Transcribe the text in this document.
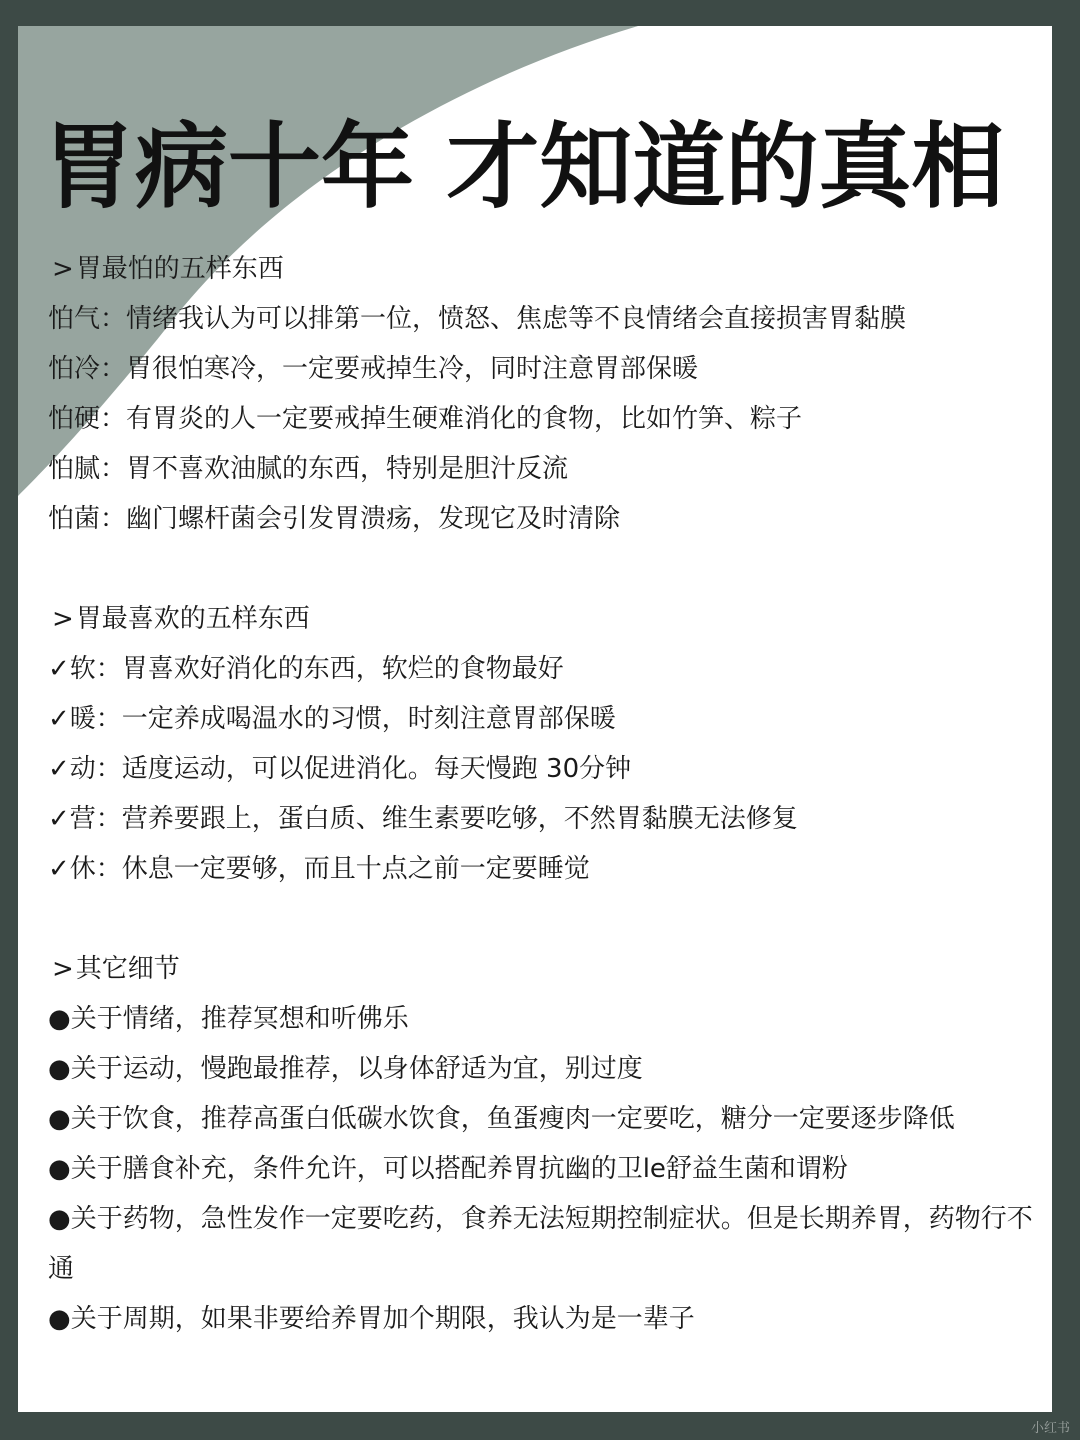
胃病十年 才知道的真相

>胃最怕的五样东西

怕气：情绪我认为可以排第一位，愤怒、焦虑等不良情绪会直接损害胃黏膜

怕冷：胃很怕寒冷，一定要戒掉生冷，同时注意胃部保暖

怕硬：有胃炎的人一定要戒掉生硬难消化的食物，比如竹笋、粽子

怕腻：胃不喜欢油腻的东西，特别是胆汁反流

怕菌：幽门螺杆菌会引发胃溃疡，发现它及时清除

>胃最喜欢的五样东西

✓软：胃喜欢好消化的东西，软烂的食物最好

✓暖：一定养成喝温水的习惯，时刻注意胃部保暖

✓动：适度运动，可以促进消化。每天慢跑 30分钟

✓营：营养要跟上，蛋白质、维生素要吃够，不然胃黏膜无法修复

✓休：休息一定要够，而且十点之前一定要睡觉

>其它细节

●关于情绪，推荐冥想和听佛乐

●关于运动，慢跑最推荐，以身体舒适为宜，别过度

●关于饮食，推荐高蛋白低碳水饮食，鱼蛋瘦肉一定要吃，糖分一定要逐步降低

●关于膳食补充，条件允许，可以搭配养胃抗幽的卫le舒益生菌和谓粉

●关于药物，急性发作一定要吃药，食养无法短期控制症状。但是长期养胃，药物行不通

●关于周期，如果非要给养胃加个期限，我认为是一辈子

小红书
